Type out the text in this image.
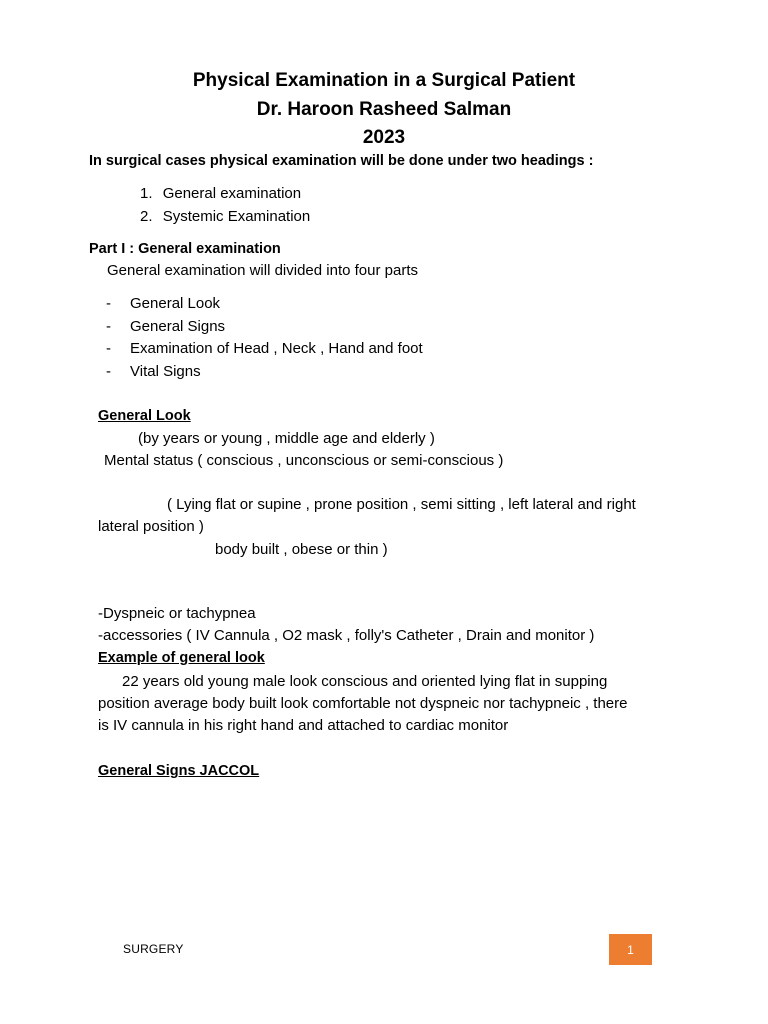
Physical Examination in a Surgical Patient
Dr. Haroon Rasheed Salman
2023
In surgical cases physical examination will be done under two headings :
1. General examination
2. Systemic Examination
Part I : General examination
General examination will divided into four parts
- General Look
- General Signs
- Examination of Head , Neck , Hand and foot
- Vital Signs
General Look
(by years or young , middle age and elderly )
Mental status ( conscious , unconscious or semi-conscious )
( Lying flat or supine , prone position , semi sitting , left lateral and right
lateral position )
body built , obese or thin )
-Dyspneic or tachypnea
-accessories ( IV Cannula , O2 mask , folly's Catheter , Drain and monitor )
Example of general look
22 years old young male look conscious and oriented lying flat in supping
position average body built look comfortable not dyspneic nor tachypneic , there
is IV cannula in his right hand and attached to cardiac monitor
General Signs JACCOL
SURGERY	1
